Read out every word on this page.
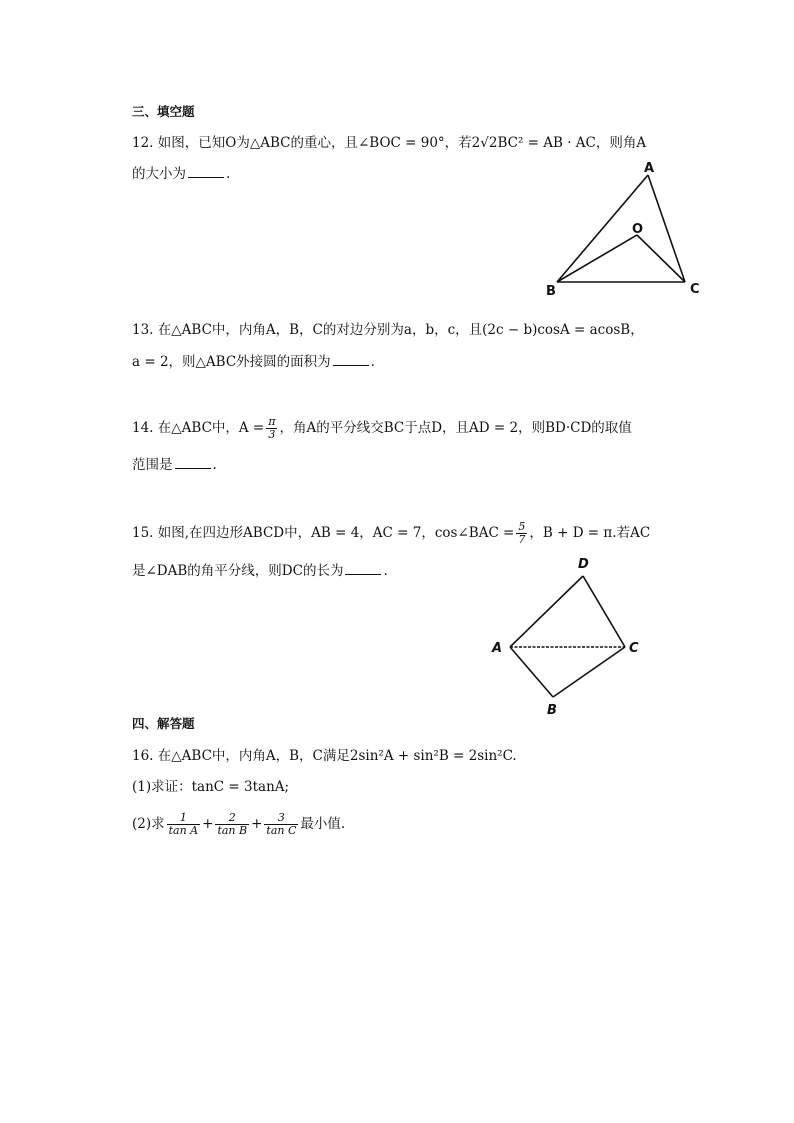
三、填空题
12. 如图，已知O为△ABC的重心，且∠BOC = 90°，若2√2BC² = AB · AC，则角A
的大小为	.	A
O
B	C
13. 在△ABC中，内角A，B，C的对边分别为a，b，c，且(2c − b)cosA = acosB，
a = 2，则△ABC外接圆的面积为	.
14. 在△ABC中，$A = \frac{\pi}{3}$ ，角A的平分线交BC于点D，且AD = 2，则BD·CD的取值
范围是	.
15. 如图,在四边形ABCD中，AB = 4，AC = 7，cos∠BAC = $\frac{5}{7}$ ，B + D = π.若AC
是∠DAB的角平分线，则DC的长为	.	D
A	C
B
四、解答题
16. 在△ABC中，内角A，B，C满足2sin²A + sin²B = 2sin²C.
(1)求证：tanC = 3tanA;
(2)求 $\frac{1}{\text{tan A}} + \frac{2}{\text{tan B}} + \frac{3}{\text{tan C}}$ 最小值.
